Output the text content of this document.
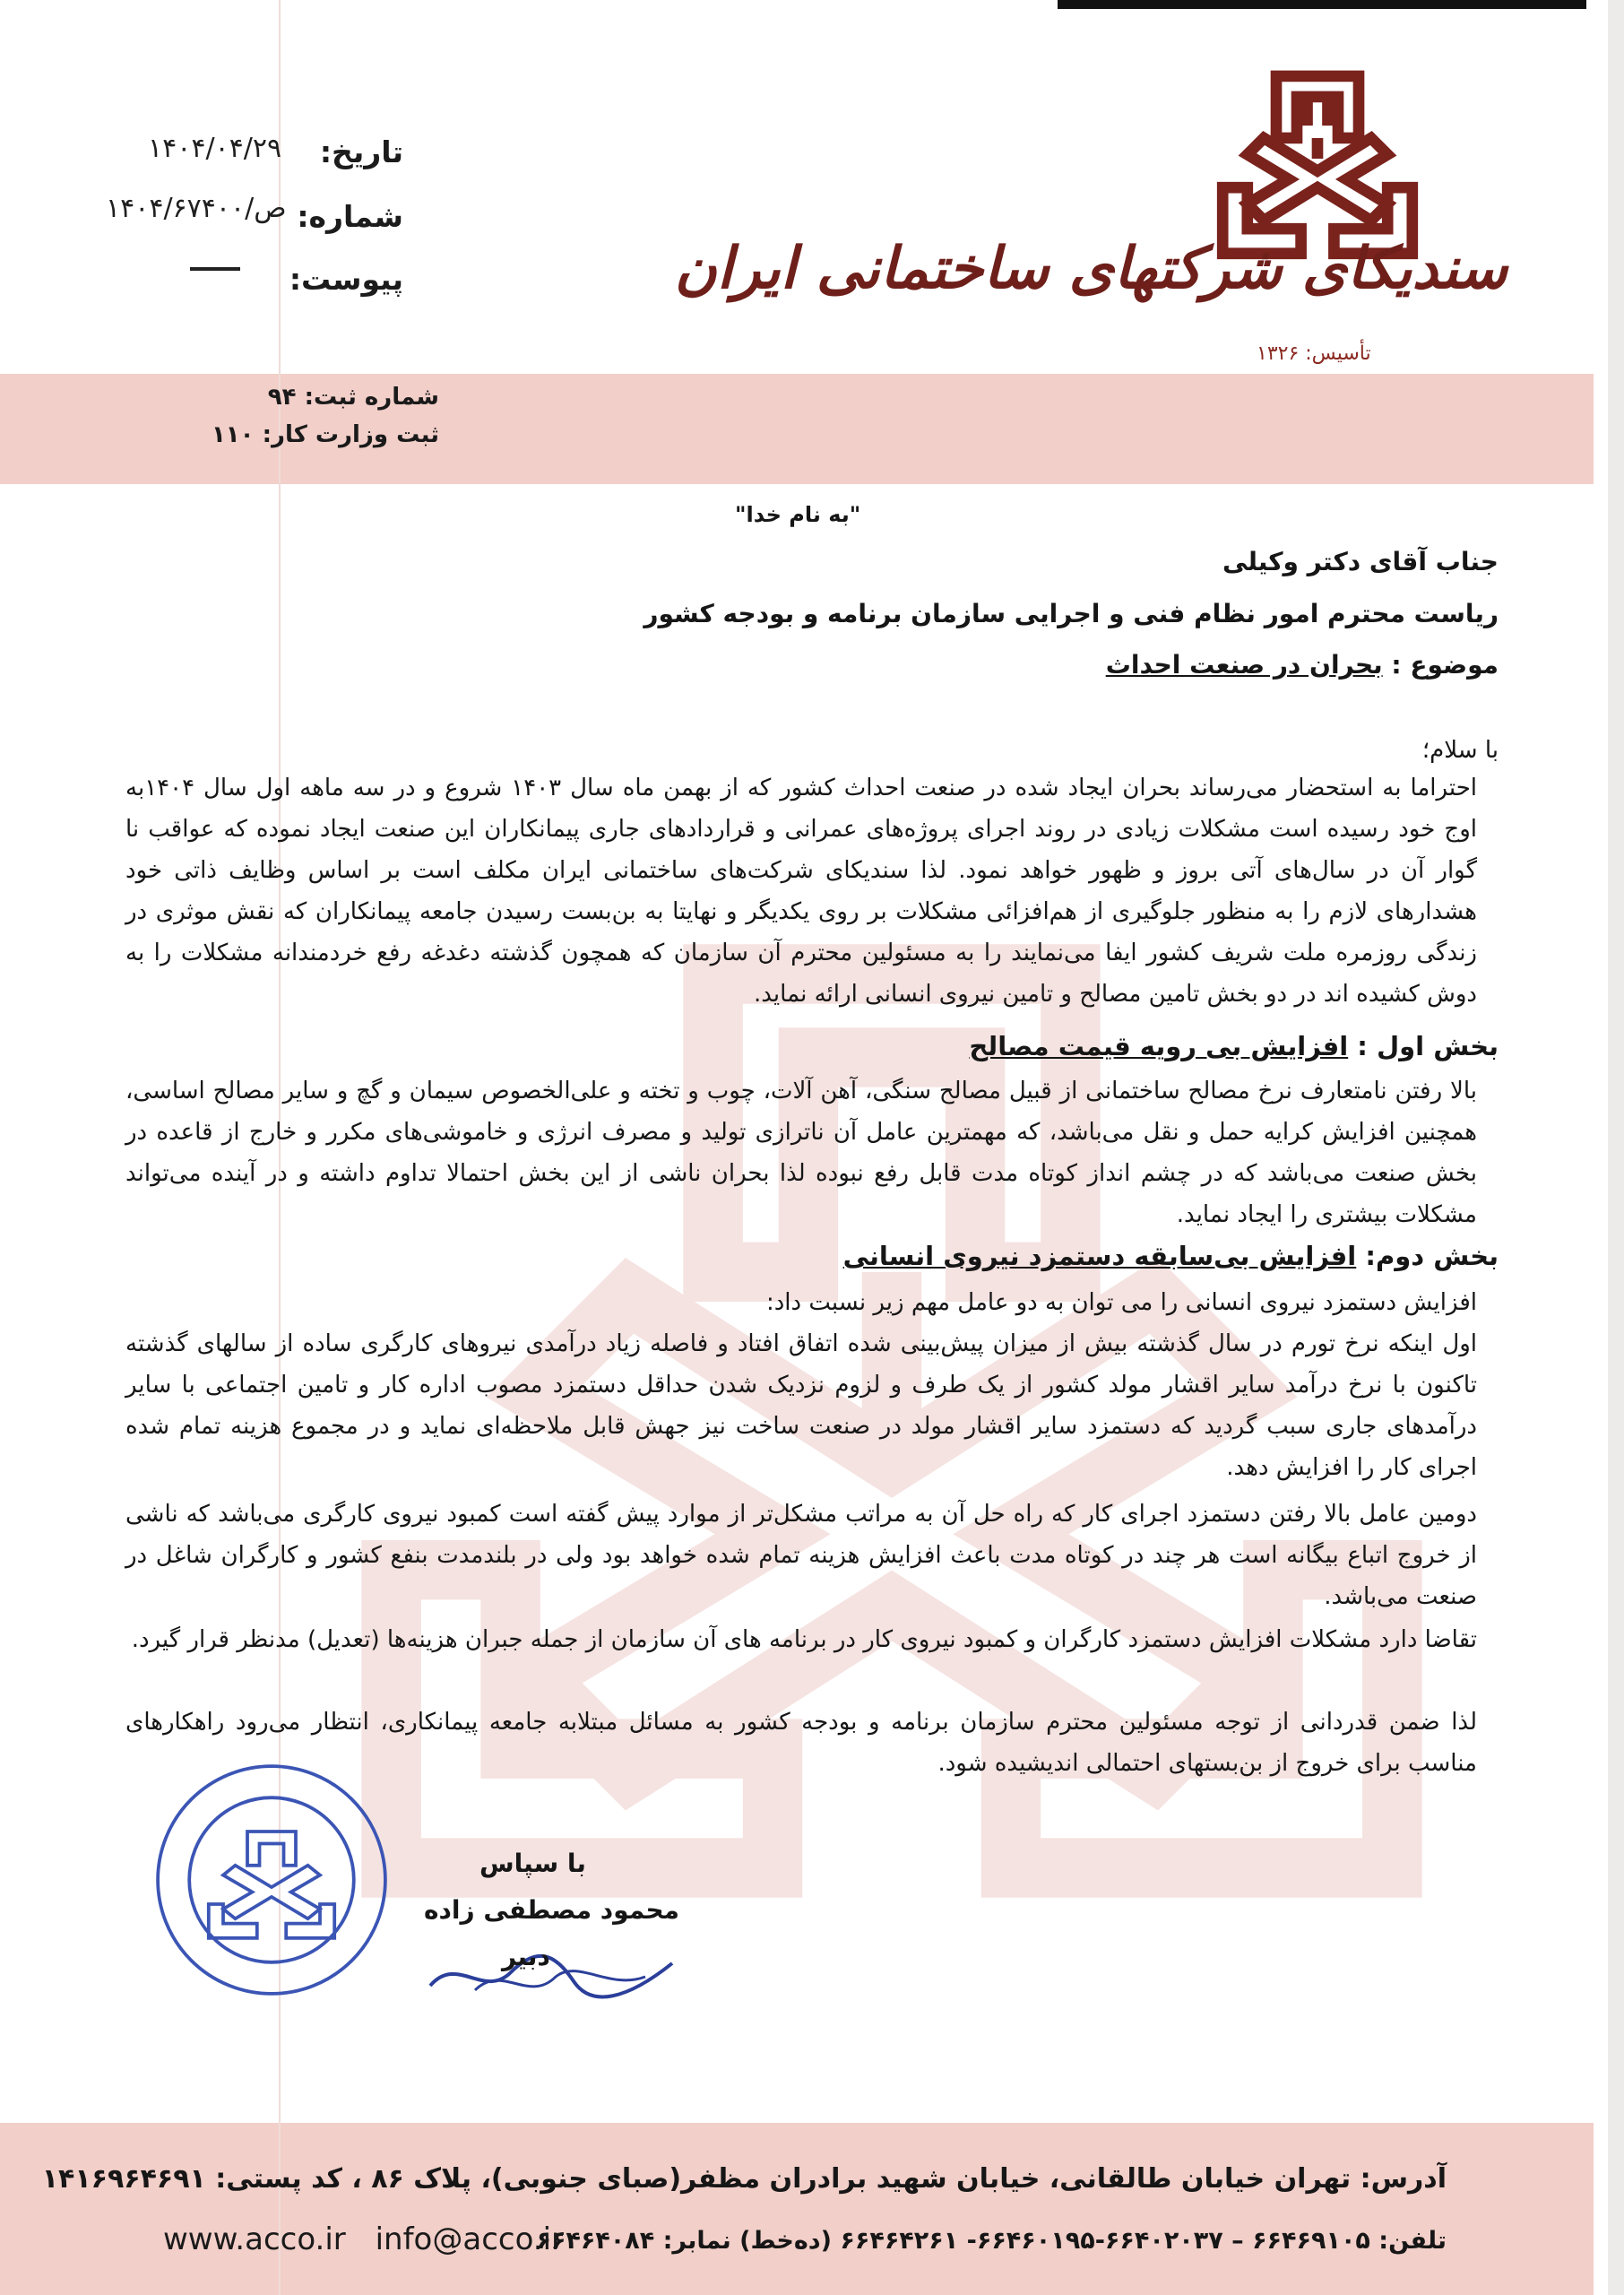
سندیکای شرکتهای ساختمانی ایران
تأسیس: ۱۳۲۶
تاریخ:
۱۴۰۴/۰۴/۲۹
شماره:
۱۴۰۴/۶۷۴۰۰/ص
پیوست:
شماره ثبت: ۹۴
ثبت وزارت کار: ۱۱۰
"به نام خدا"
جناب آقای دکتر وکیلی
ریاست محترم امور نظام فنی و اجرایی سازمان برنامه و بودجه کشور
موضوع : بحران در صنعت احداث
با سلام؛
احتراما به استحضار می‌رساند بحران ایجاد شده در صنعت احداث کشور که از بهمن ماه سال ۱۴۰۳ شروع و در سه ماهه اول سال ۱۴۰۴به اوج خود رسیده است مشکلات زیادی در روند اجرای پروژه‌های عمرانی و قراردادهای جاری پیمانکاران این صنعت ایجاد نموده که عواقب نا گوار آن در سال‌های آتی بروز و ظهور خواهد نمود. لذا سندیکای شرکت‌های ساختمانی ایران مکلف است بر اساس وظایف ذاتی خود هشدارهای لازم را به منظور جلوگیری از هم‌افزائی مشکلات بر روی یکدیگر و نهایتا به بن‌بست رسیدن جامعه پیمانکاران که نقش موثری در زندگی روزمره ملت شریف کشور ایفا می‌نمایند را به مسئولین محترم آن سازمان که همچون گذشته دغدغه رفع خردمندانه مشکلات را به دوش کشیده اند در دو بخش تامین مصالح و تامین نیروی انسانی ارائه نماید.
بخش اول : افزایش بی رویه قیمت مصالح
بالا رفتن نامتعارف نرخ مصالح ساختمانی از قبیل مصالح سنگی، آهن آلات، چوب و تخته و علی‌الخصوص سیمان و گچ و سایر مصالح اساسی، همچنین افزایش کرایه حمل و نقل می‌باشد، که مهمترین عامل آن ناترازی تولید و مصرف انرژی و خاموشی‌های مکرر و خارج از قاعده در بخش صنعت می‌باشد که در چشم انداز کوتاه مدت قابل رفع نبوده لذا بحران ناشی از این بخش احتمالا تداوم داشته و در آینده می‌تواند مشکلات بیشتری را ایجاد نماید.
بخش دوم: افزایش بی‌سابقه دستمزد نیروی انسانی
افزایش دستمزد نیروی انسانی را می توان به دو عامل مهم زیر نسبت داد:
اول اینکه نرخ تورم در سال گذشته بیش از میزان پیش‌بینی شده اتفاق افتاد و فاصله زیاد درآمدی نیروهای کارگری ساده از سالهای گذشته تاکنون با نرخ درآمد سایر اقشار مولد کشور از یک طرف و لزوم نزدیک شدن حداقل دستمزد مصوب اداره کار و تامین اجتماعی با سایر درآمدهای جاری سبب گردید که دستمزد سایر اقشار مولد در صنعت ساخت نیز جهش قابل ملاحظه‌ای نماید و در مجموع هزینه تمام شده اجرای کار را افزایش دهد.
دومین عامل بالا رفتن دستمزد اجرای کار که راه حل آن به مراتب مشکل‌تر از موارد پیش گفته است کمبود نیروی کارگری می‌باشد که ناشی از خروج اتباع بیگانه است هر چند در کوتاه مدت باعث افزایش هزینه تمام شده خواهد بود ولی در بلندمدت بنفع کشور و کارگران شاغل در صنعت می‌باشد.
تقاضا دارد مشکلات افزایش دستمزد کارگران و کمبود نیروی کار در برنامه های آن سازمان از جمله جبران هزینه‌ها (تعدیل) مدنظر قرار گیرد.
لذا ضمن قدردانی از توجه مسئولین محترم سازمان برنامه و بودجه کشور به مسائل مبتلابه جامعه پیمانکاری، انتظار می‌رود راهکارهای مناسب برای خروج از بن‌بستهای احتمالی اندیشیده شود.
با سپاس
محمود مصطفی زاده
دبیر
آدرس: تهران خیابان طالقانی، خیابان شهید برادران مظفر(صبای جنوبی)، پلاک ۸۶ ، کد پستی: ۱۴۱۶۹۶۴۶۹۱
تلفن: ۶۶۴۶۹۱۰۵ – ۶۶۴۰۲۰۳۷-۶۶۴۶۰۱۹۵- ۶۶۴۶۴۲۶۱ (ده‌خط) نمابر: ۶۶۴۶۴۰۸۴
www.acco.ir info@acco.ir
